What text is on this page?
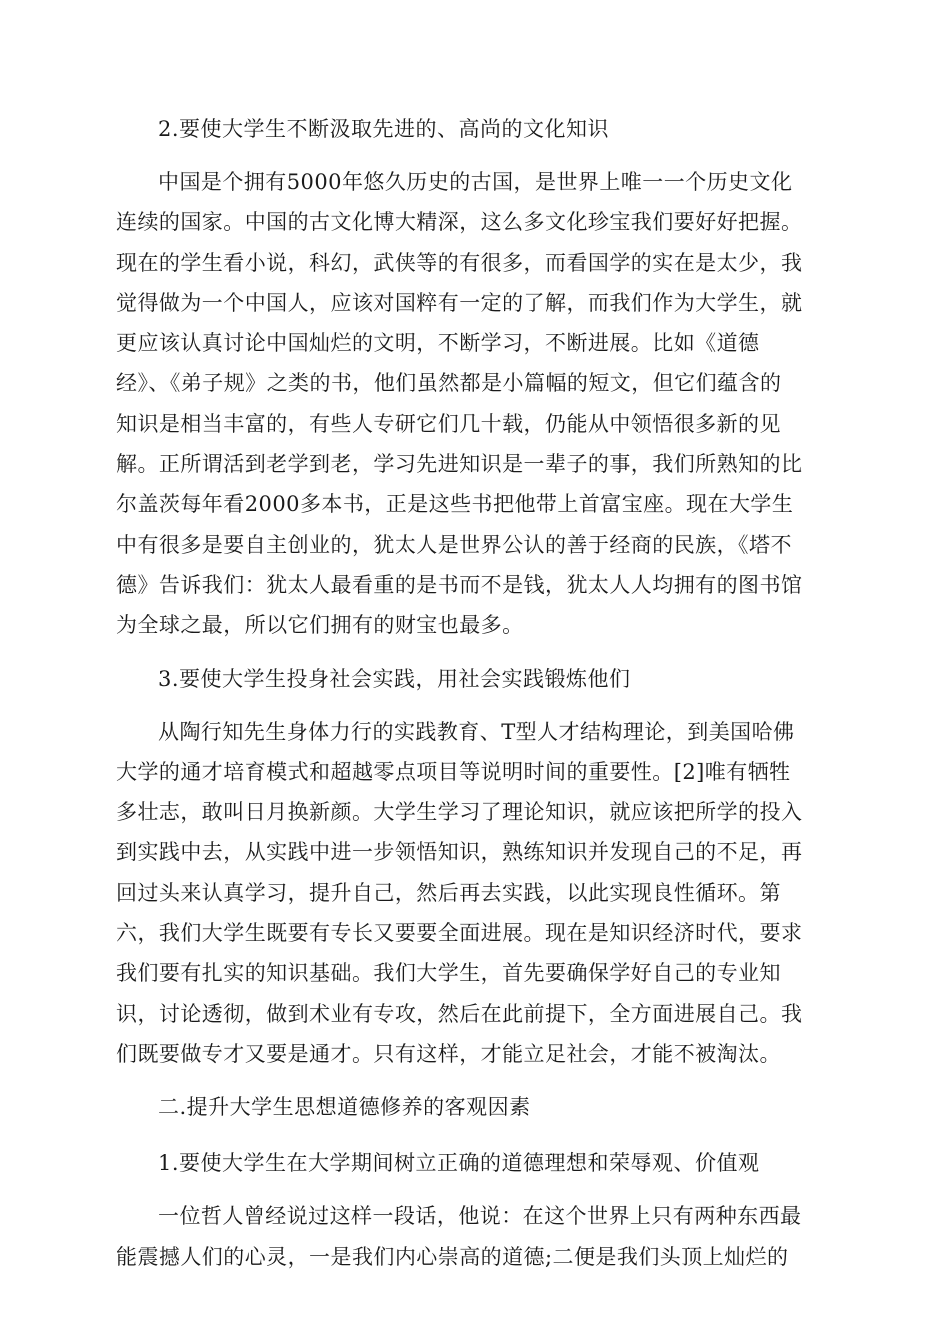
2.要使大学生不断汲取先进的、高尚的文化知识
中国是个拥有5000年悠久历史的古国，是世界上唯一一个历史文化
连续的国家。中国的古文化博大精深，这么多文化珍宝我们要好好把握。
现在的学生看小说，科幻，武侠等的有很多，而看国学的实在是太少，我
觉得做为一个中国人，应该对国粹有一定的了解，而我们作为大学生，就
更应该认真讨论中国灿烂的文明，不断学习，不断进展。比如《道德
经》、《弟子规》之类的书，他们虽然都是小篇幅的短文，但它们蕴含的
知识是相当丰富的，有些人专研它们几十载，仍能从中领悟很多新的见
解。正所谓活到老学到老，学习先进知识是一辈子的事，我们所熟知的比
尔盖茨每年看2000多本书，正是这些书把他带上首富宝座。现在大学生
中有很多是要自主创业的，犹太人是世界公认的善于经商的民族，《塔不
德》告诉我们：犹太人最看重的是书而不是钱，犹太人人均拥有的图书馆
为全球之最，所以它们拥有的财宝也最多。
3.要使大学生投身社会实践，用社会实践锻炼他们
从陶行知先生身体力行的实践教育、T型人才结构理论，到美国哈佛
大学的通才培育模式和超越零点项目等说明时间的重要性。[2]唯有牺牲
多壮志，敢叫日月换新颜。大学生学习了理论知识，就应该把所学的投入
到实践中去，从实践中进一步领悟知识，熟练知识并发现自己的不足，再
回过头来认真学习，提升自己，然后再去实践，以此实现良性循环。第
六，我们大学生既要有专长又要要全面进展。现在是知识经济时代，要求
我们要有扎实的知识基础。我们大学生，首先要确保学好自己的专业知
识，讨论透彻，做到术业有专攻，然后在此前提下，全方面进展自己。我
们既要做专才又要是通才。只有这样，才能立足社会，才能不被淘汰。
二.提升大学生思想道德修养的客观因素
1.要使大学生在大学期间树立正确的道德理想和荣辱观、价值观
一位哲人曾经说过这样一段话，他说：在这个世界上只有两种东西最
能震撼人们的心灵，一是我们内心崇高的道德;二便是我们头顶上灿烂的
